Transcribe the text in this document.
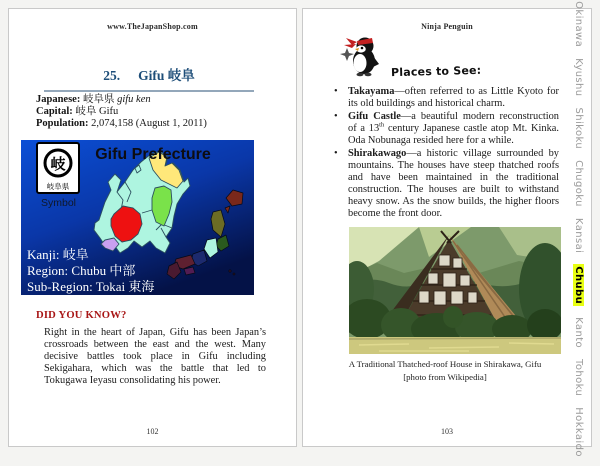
www.TheJapanShop.com
25. Gifu 岐阜
Japanese: 岐阜県 gifu ken
Capital: 岐阜 Gifu
Population: 2,074,158 (August 1, 2011)
岐
岐阜県
Symbol
Gifu Prefecture
Kanji: 岐阜
Region: Chubu 中部
Sub-Region: Tokai 東海
DID YOU KNOW?
Right in the heart of Japan, Gifu has been Japan’s crossroads between the east and the west. Many decisive battles took place in Gifu including Sekigahara, which was the battle that led to Tokugawa Ieyasu consolidating his power.
102
Ninja Penguin
Places to See:
• Takayama—often referred to as Little Kyoto for its old buildings and historical charm.
• Gifu Castle—a beautiful modern reconstruction of a 13th century Japanese castle atop Mt. Kinka. Oda Nobunaga resided here for a while.
• Shirakawago—a historic village surrounded by mountains. The houses have steep thatched roofs and have been maintained in the traditional construction. The houses are built to withstand heavy snow. As the snow builds, the higher floors become the front door.
A Traditional Thatched-roof House in Shirakawa, Gifu
[photo from Wikipedia]
Okinawa
Kyushu
Shikoku
Chugoku
Kansai
Chubu
Kanto
Tohoku
Hokkaido
103
